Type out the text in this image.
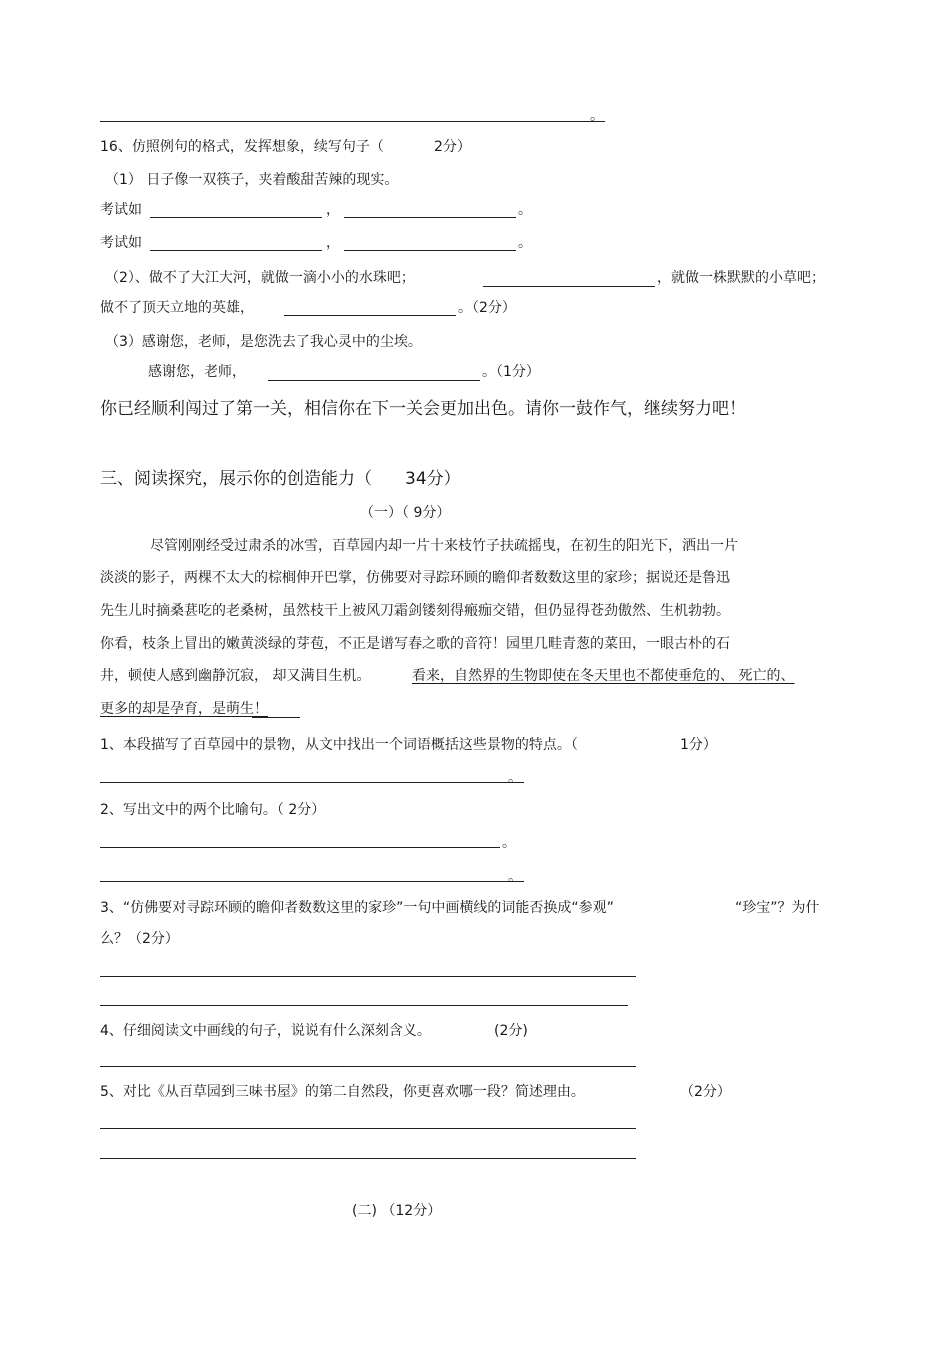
。
16、仿照例句的格式，发挥想象，续写句子（	2分）
（1） 日子像一双筷子，夹着酸甜苦辣的现实。
考试如	，	。
考试如	，	。
（2）、做不了大江大河，就做一滴小小的水珠吧；	，就做一株默默的小草吧；
做不了顶天立地的英雄，	。（2分）
（3）感谢您，老师，是您洗去了我心灵中的尘埃。
感谢您，老师，	。（1分）
你已经顺利闯过了第一关，相信你在下一关会更加出色。请你一鼓作气，继续努力吧！
三、阅读探究，展示你的创造能力（ 34分）
（一）（ 9分）
尽管刚刚经受过肃杀的冰雪，百草园内却一片十来枝竹子扶疏摇曳，在初生的阳光下，洒出一片
淡淡的影子，两棵不太大的棕榈伸开巴掌，仿佛要对寻踪环顾的瞻仰者数数这里的家珍；据说还是鲁迅
先生儿时摘桑葚吃的老桑树，虽然枝干上被风刀霜剑镂刻得瘢痂交错，但仍显得苍劲傲然、生机勃勃。
你看，枝条上冒出的嫩黄淡绿的芽苞，不正是谱写春之歌的音符！园里几畦青葱的菜田，一眼古朴的石
井，顿使人感到幽静沉寂， 却又满目生机。	看来，自然界的生物即使在冬天里也不都使垂危的、 死亡的、
更多的却是孕育，是萌生！
1、本段描写了百草园中的景物，从文中找出一个词语概括这些景物的特点。（	1分）
。
2、写出文中的两个比喻句。（ 2分）
。
。
3、“仿佛要对寻踪环顾的瞻仰者数数这里的家珍”一句中画横线的词能否换成“参观”	“珍宝”？为什
么？（2分）
4、仔细阅读文中画线的句子，说说有什么深刻含义。	(2分)
5、对比《从百草园到三味书屋》的第二自然段，你更喜欢哪一段？简述理由。	（2分）
(二) （12分）
